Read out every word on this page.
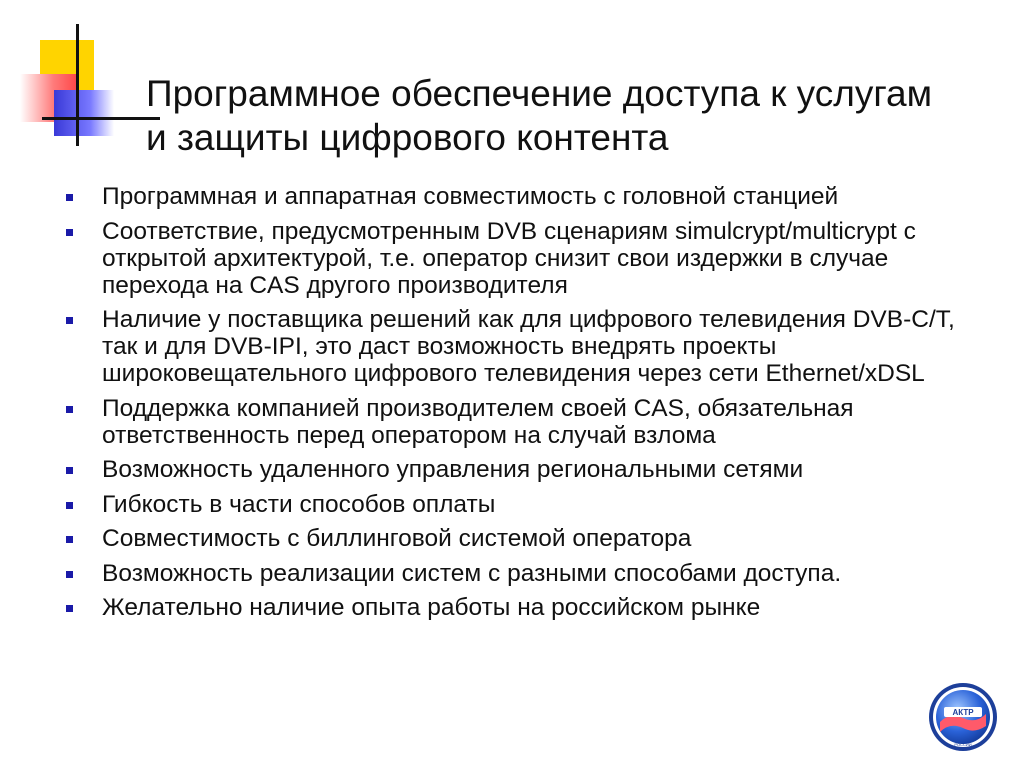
Программное обеспечение доступа к услугам
и защиты цифрового контента
Программная и аппаратная совместимость с головной станцией
Соответствие, предусмотренным DVB сценариям simulcrypt/multicrypt с открытой архитектурой, т.е. оператор снизит свои издержки в случае перехода на CAS другого производителя
Наличие у поставщика решений как для цифрового телевидения DVB-C/T, так и для DVB-IPI, это даст возможность внедрять проекты широковещательного цифрового телевидения через сети Ethernet/xDSL
Поддержка компанией производителем своей CAS, обязательная ответственность перед оператором на случай взлома
Возможность удаленного управления региональными сетями
Гибкость в части способов оплаты
Совместимость с биллинговой системой оператора
Возможность реализации систем с разными способами доступа.
Желательно наличие опыта работы на российском рынке
АКТР
РОССИИ
